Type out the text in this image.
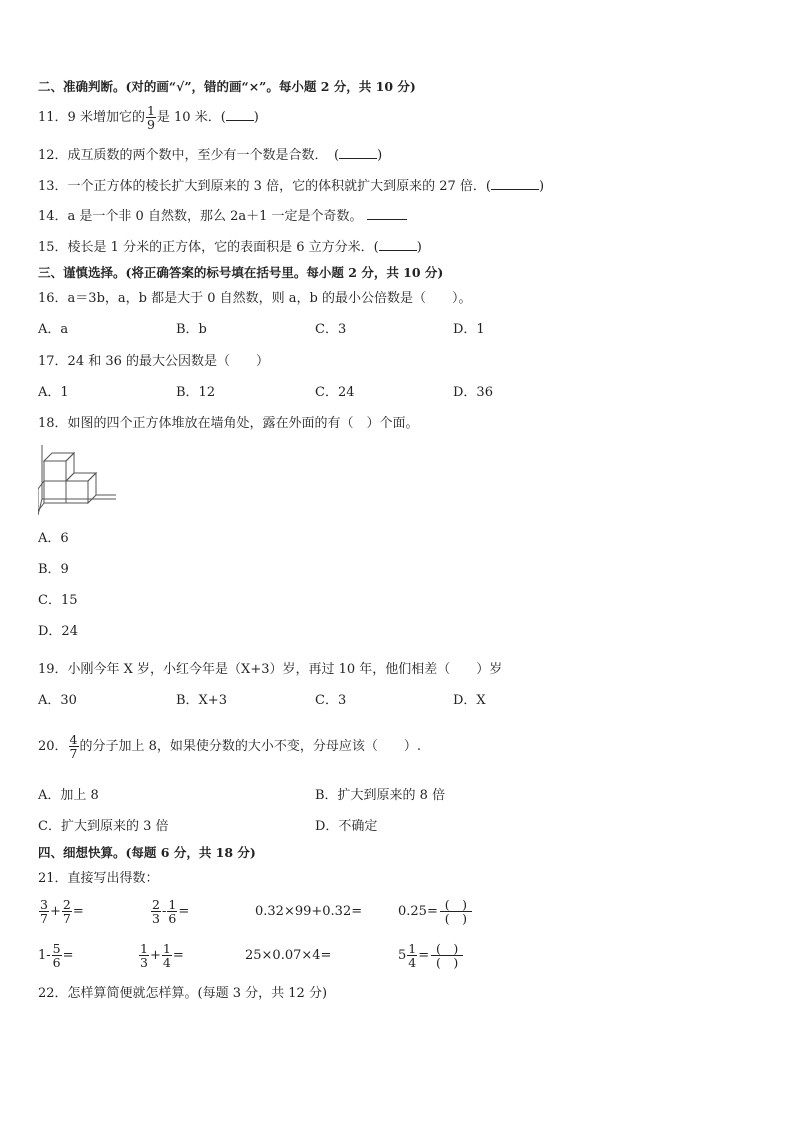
二、准确判断。(对的画“√”，错的画“×”。每小题 2 分，共 10 分)
11．9 米增加它的 $\frac{1}{9}$ 是 10 米．( )
12．成互质数的两个数中，至少有一个数是合数．　(	)
13．一个正方体的棱长扩大到原来的 3 倍，它的体积就扩大到原来的 27 倍．(	)
14．a 是一个非 0 自然数，那么 2a＋1 一定是个奇数。
15．棱长是 1 分米的正方体，它的表面积是 6 立方分米．(	)
三、谨慎选择。(将正确答案的标号填在括号里。每小题 2 分，共 10 分)
16．a＝3b，a，b 都是大于 0 自然数，则 a，b 的最小公倍数是（　　）。
A．a	B．b	C．3	D．1
17．24 和 36 的最大公因数是（　　）
A．1	B．12	C．24	D．36
18．如图的四个正方体堆放在墙角处，露在外面的有（　）个面。
A．6
B．9
C．15
D．24
19．小刚今年 X 岁，小红今年是（X+3）岁，再过 10 年，他们相差（　　）岁
A．30	B．X+3	C．3	D．X
20． $\frac{4}{7}$ 的分子加上 8，如果使分数的大小不变，分母应该（　　）.
A．加上 8	B．扩大到原来的 8 倍
C．扩大到原来的 3 倍	D．不确定
四、细想快算。(每题 6 分，共 18 分)
21．直接写出得数：
$\frac{3}{7} + \frac{2}{7}$ =	$\frac{2}{3} - \frac{1}{6}$ =	0.32×99+0.32=	$0.25= \frac{( )}{( )}$
$1- \frac{5}{6}$ =	$\frac{1}{3} + \frac{1}{4}$ =	25×0.07×4=	$5 \frac{1}{4} = \frac{( )}{( )}$
22．怎样算简便就怎样算。(每题 3 分，共 12 分)
